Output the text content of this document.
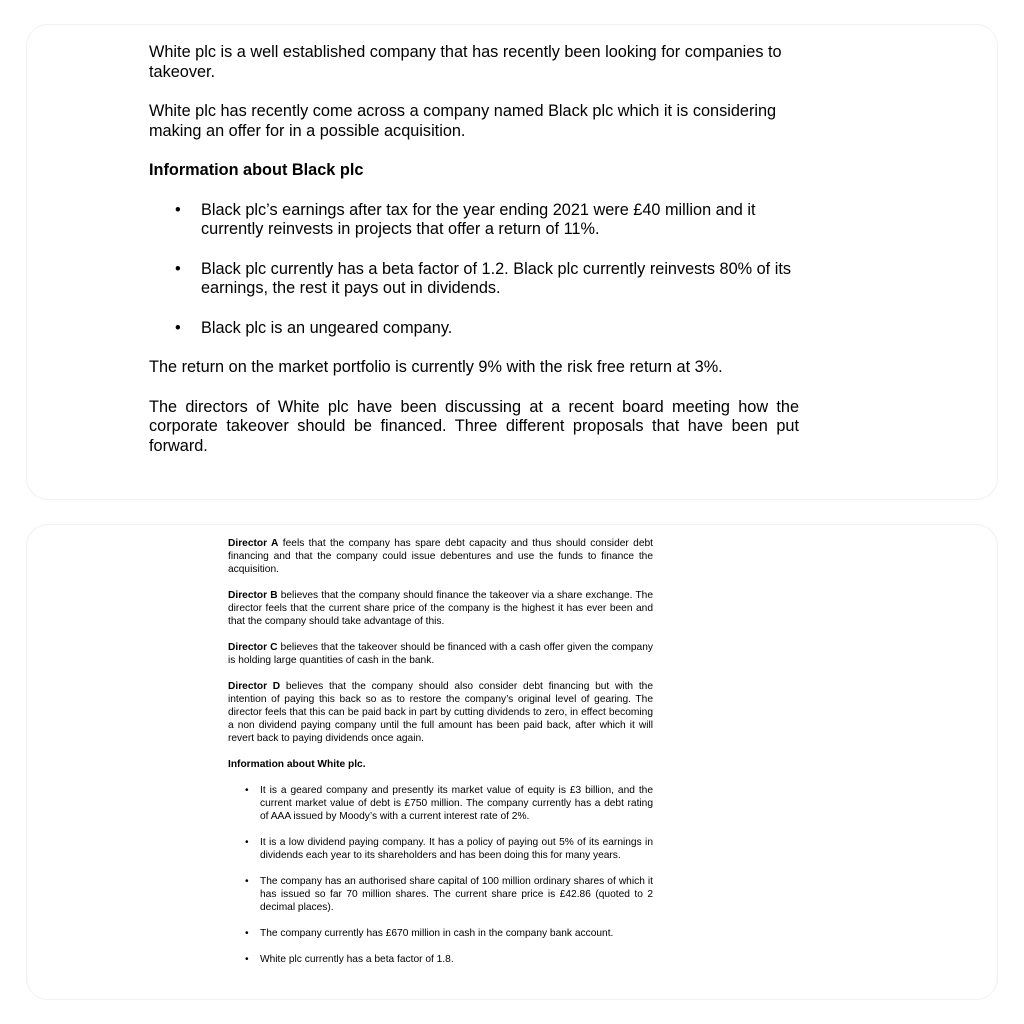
White plc is a well established company that has recently been looking for companies to takeover.

White plc has recently come across a company named Black plc which it is considering making an offer for in a possible acquisition.

Information about Black plc

• Black plc’s earnings after tax for the year ending 2021 were £40 million and it currently reinvests in projects that offer a return of 11%.
• Black plc currently has a beta factor of 1.2. Black plc currently reinvests 80% of its earnings, the rest it pays out in dividends.
• Black plc is an ungeared company.

The return on the market portfolio is currently 9% with the risk free return at 3%.

The directors of White plc have been discussing at a recent board meeting how the corporate takeover should be financed. Three different proposals that have been put forward.

Director A feels that the company has spare debt capacity and thus should consider debt financing and that the company could issue debentures and use the funds to finance the acquisition.

Director B believes that the company should finance the takeover via a share exchange. The director feels that the current share price of the company is the highest it has ever been and that the company should take advantage of this.

Director C believes that the takeover should be financed with a cash offer given the company is holding large quantities of cash in the bank.

Director D believes that the company should also consider debt financing but with the intention of paying this back so as to restore the company’s original level of gearing. The director feels that this can be paid back in part by cutting dividends to zero, in effect becoming a non dividend paying company until the full amount has been paid back, after which it will revert back to paying dividends once again.

Information about White plc.

• It is a geared company and presently its market value of equity is £3 billion, and the current market value of debt is £750 million. The company currently has a debt rating of AAA issued by Moody’s with a current interest rate of 2%.
• It is a low dividend paying company. It has a policy of paying out 5% of its earnings in dividends each year to its shareholders and has been doing this for many years.
• The company has an authorised share capital of 100 million ordinary shares of which it has issued so far 70 million shares. The current share price is £42.86 (quoted to 2 decimal places).
• The company currently has £670 million in cash in the company bank account.
• White plc currently has a beta factor of 1.8.
